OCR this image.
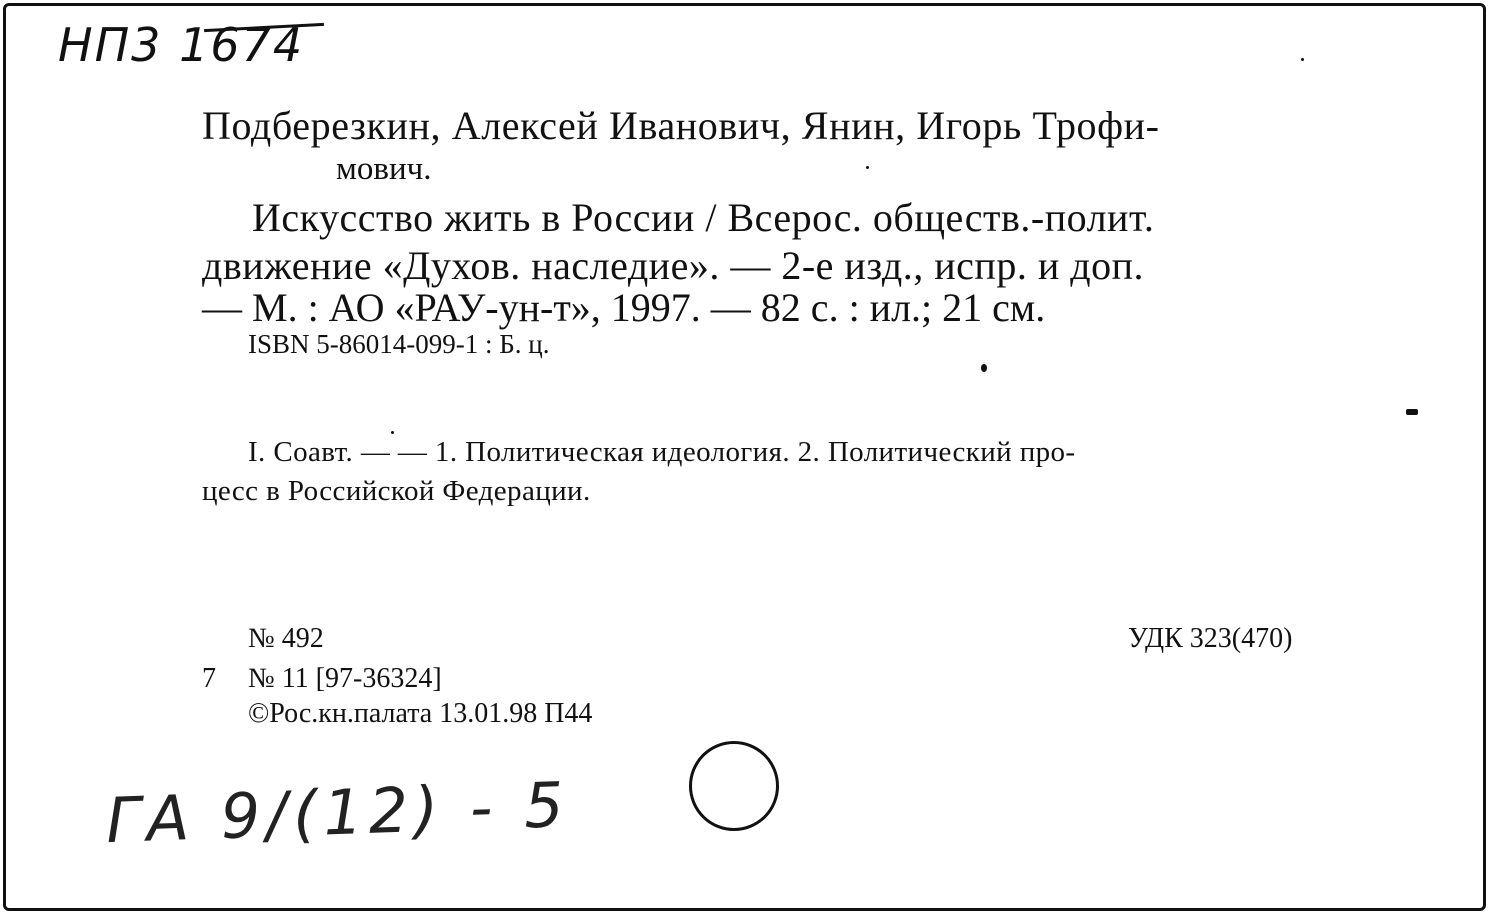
НП3 1674
Подберезкин, Алексей Иванович, Янин, Игорь Трофи-
мович.
Искусство жить в России / Всерос. обществ.-полит.
движение «Духов. наследие». — 2-е изд., испр. и доп.
— М. : АО «РАУ-ун-т», 1997. — 82 с. : ил.; 21 см.
ISBN 5-86014-099-1 : Б. ц.
I. Соавт. — — 1. Политическая идеология. 2. Политический про-
цесс в Российской Федерации.
№ 492
7 № 11 [97-36324]
©Рос.кн.палата 13.01.98 П44
УДК 323(470)
ГА 9/(12) - 5
